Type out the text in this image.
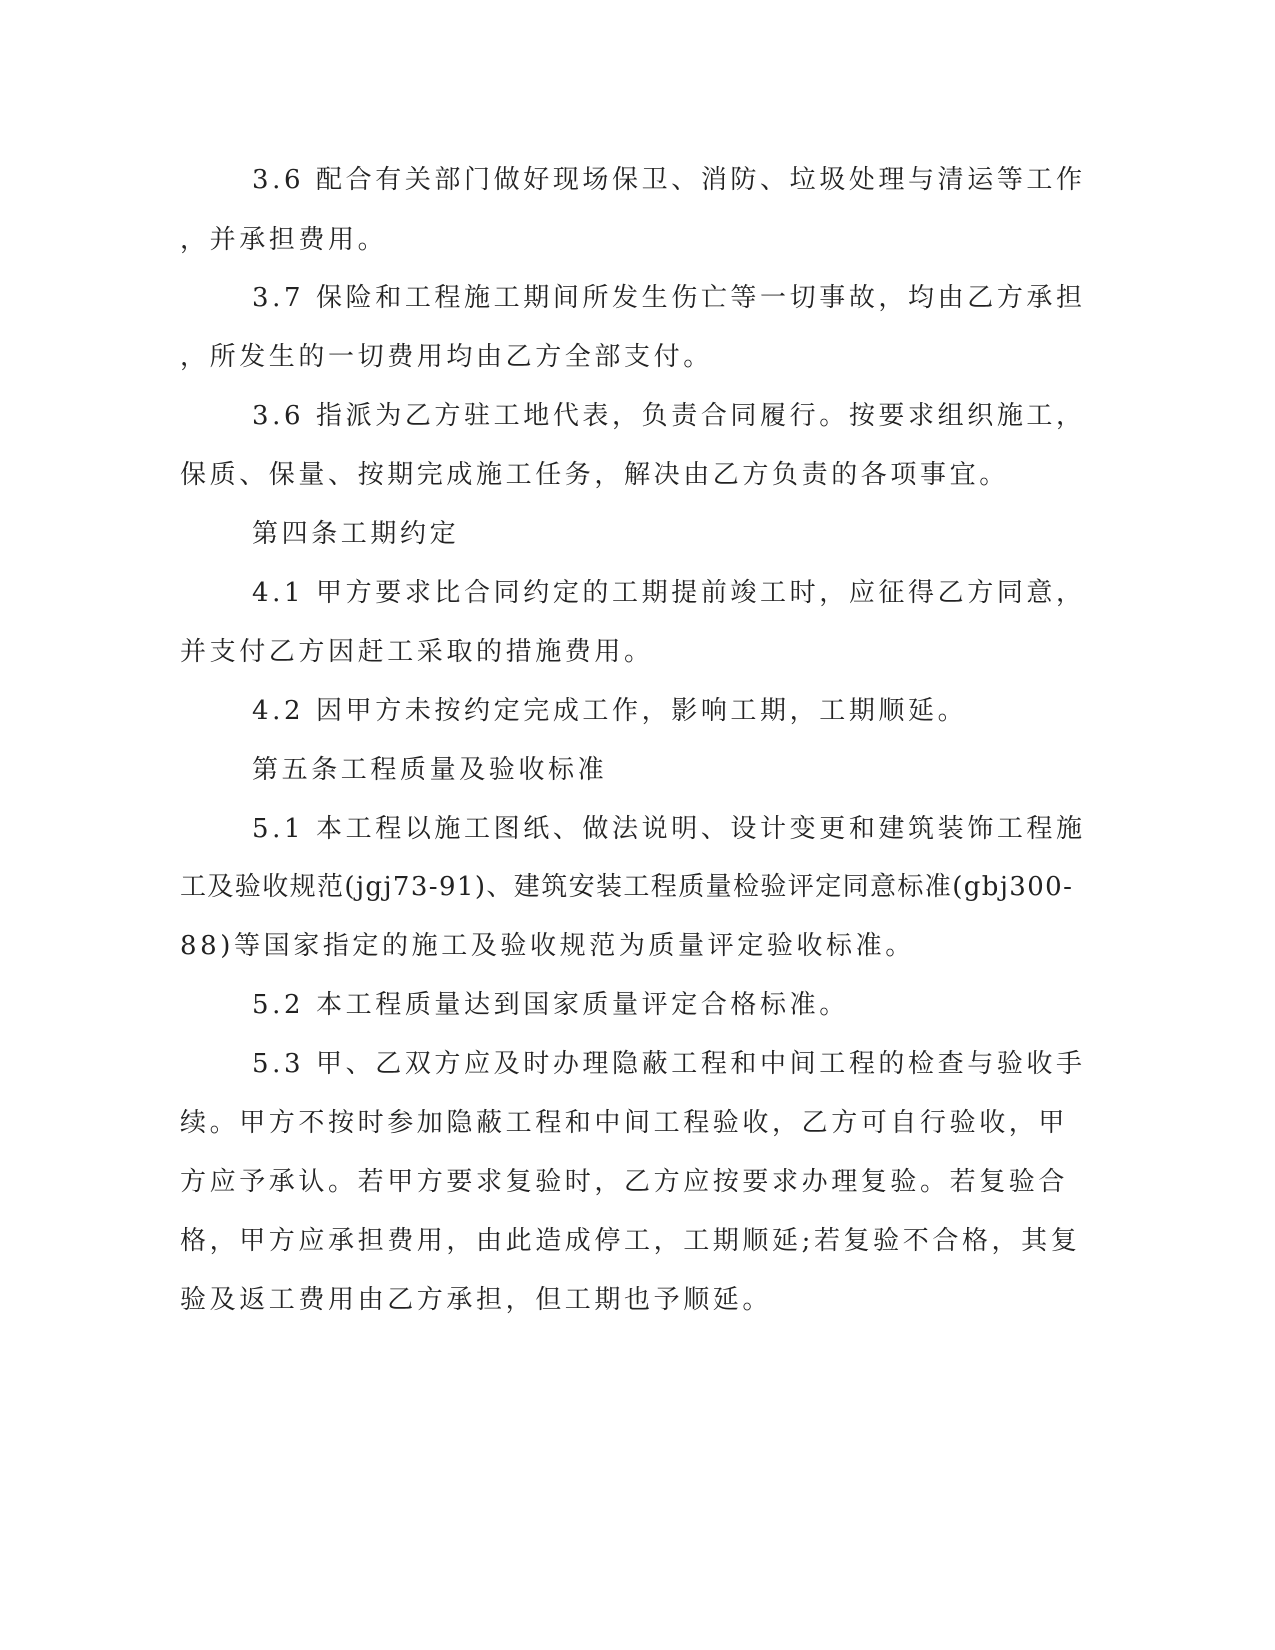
3.6 配合有关部门做好现场保卫、消防、垃圾处理与清运等工作
，并承担费用。
3.7 保险和工程施工期间所发生伤亡等一切事故，均由乙方承担
，所发生的一切费用均由乙方全部支付。
3.6 指派为乙方驻工地代表，负责合同履行。按要求组织施工，
保质、保量、按期完成施工任务，解决由乙方负责的各项事宜。
第四条工期约定
4.1 甲方要求比合同约定的工期提前竣工时，应征得乙方同意，
并支付乙方因赶工采取的措施费用。
4.2 因甲方未按约定完成工作，影响工期，工期顺延。
第五条工程质量及验收标准
5.1 本工程以施工图纸、做法说明、设计变更和建筑装饰工程施
工及验收规范(jgj73-91)、建筑安装工程质量检验评定同意标准(gbj300-
88)等国家指定的施工及验收规范为质量评定验收标准。
5.2 本工程质量达到国家质量评定合格标准。
5.3 甲、乙双方应及时办理隐蔽工程和中间工程的检查与验收手
续。甲方不按时参加隐蔽工程和中间工程验收，乙方可自行验收，甲
方应予承认。若甲方要求复验时，乙方应按要求办理复验。若复验合
格，甲方应承担费用，由此造成停工，工期顺延;若复验不合格，其复
验及返工费用由乙方承担，但工期也予顺延。
